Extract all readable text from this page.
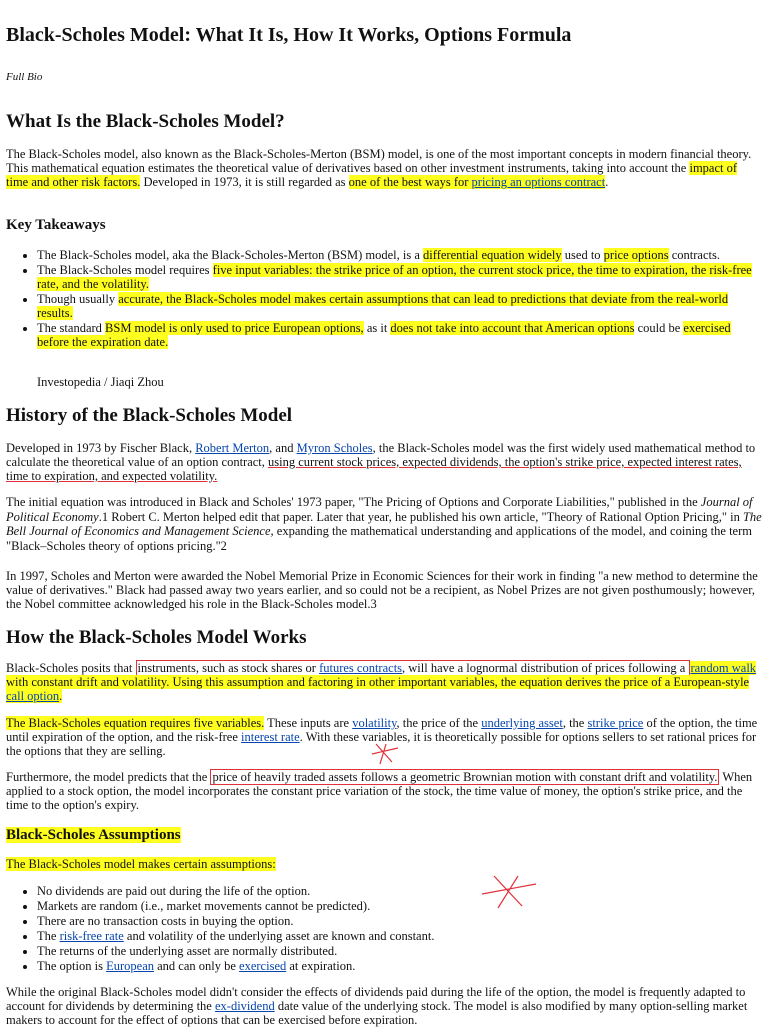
Black-Scholes Model: What It Is, How It Works, Options Formula
Full Bio
What Is the Black-Scholes Model?

The Black-Scholes model, also known as the Black-Scholes-Merton (BSM) model, is one of the most important concepts in modern financial theory. This mathematical equation estimates the theoretical value of derivatives based on other investment instruments, taking into account the impact of time and other risk factors. Developed in 1973, it is still regarded as one of the best ways for pricing an options contract.

Key Takeaways
• The Black-Scholes model, aka the Black-Scholes-Merton (BSM) model, is a differential equation widely used to price options contracts.
• The Black-Scholes model requires five input variables: the strike price of an option, the current stock price, the time to expiration, the risk-free rate, and the volatility.
• Though usually accurate, the Black-Scholes model makes certain assumptions that can lead to predictions that deviate from the real-world results.
• The standard BSM model is only used to price European options, as it does not take into account that American options could be exercised before the expiration date.

Investopedia / Jiaqi Zhou

History of the Black-Scholes Model

Developed in 1973 by Fischer Black, Robert Merton, and Myron Scholes, the Black-Scholes model was the first widely used mathematical method to calculate the theoretical value of an option contract, using current stock prices, expected dividends, the option's strike price, expected interest rates, time to expiration, and expected volatility.

The initial equation was introduced in Black and Scholes' 1973 paper, "The Pricing of Options and Corporate Liabilities," published in the Journal of Political Economy.1 Robert C. Merton helped edit that paper. Later that year, he published his own article, "Theory of Rational Option Pricing," in The Bell Journal of Economics and Management Science, expanding the mathematical understanding and applications of the model, and coining the term "Black–Scholes theory of options pricing."2

In 1997, Scholes and Merton were awarded the Nobel Memorial Prize in Economic Sciences for their work in finding "a new method to determine the value of derivatives." Black had passed away two years earlier, and so could not be a recipient, as Nobel Prizes are not given posthumously; however, the Nobel committee acknowledged his role in the Black-Scholes model.3

How the Black-Scholes Model Works

Black-Scholes posits that instruments, such as stock shares or futures contracts, will have a lognormal distribution of prices following a random walk with constant drift and volatility. Using this assumption and factoring in other important variables, the equation derives the price of a European-style call option.

The Black-Scholes equation requires five variables. These inputs are volatility, the price of the underlying asset, the strike price of the option, the time until expiration of the option, and the risk-free interest rate. With these variables, it is theoretically possible for options sellers to set rational prices for the options that they are selling.

Furthermore, the model predicts that the price of heavily traded assets follows a geometric Brownian motion with constant drift and volatility. When applied to a stock option, the model incorporates the constant price variation of the stock, the time value of money, the option's strike price, and the time to the option's expiry.

Black-Scholes Assumptions

The Black-Scholes model makes certain assumptions:

• No dividends are paid out during the life of the option.
• Markets are random (i.e., market movements cannot be predicted).
• There are no transaction costs in buying the option.
• The risk-free rate and volatility of the underlying asset are known and constant.
• The returns of the underlying asset are normally distributed.
• The option is European and can only be exercised at expiration.

While the original Black-Scholes model didn't consider the effects of dividends paid during the life of the option, the model is frequently adapted to account for dividends by determining the ex-dividend date value of the underlying stock. The model is also modified by many option-selling market makers to account for the effect of options that can be exercised before expiration.
